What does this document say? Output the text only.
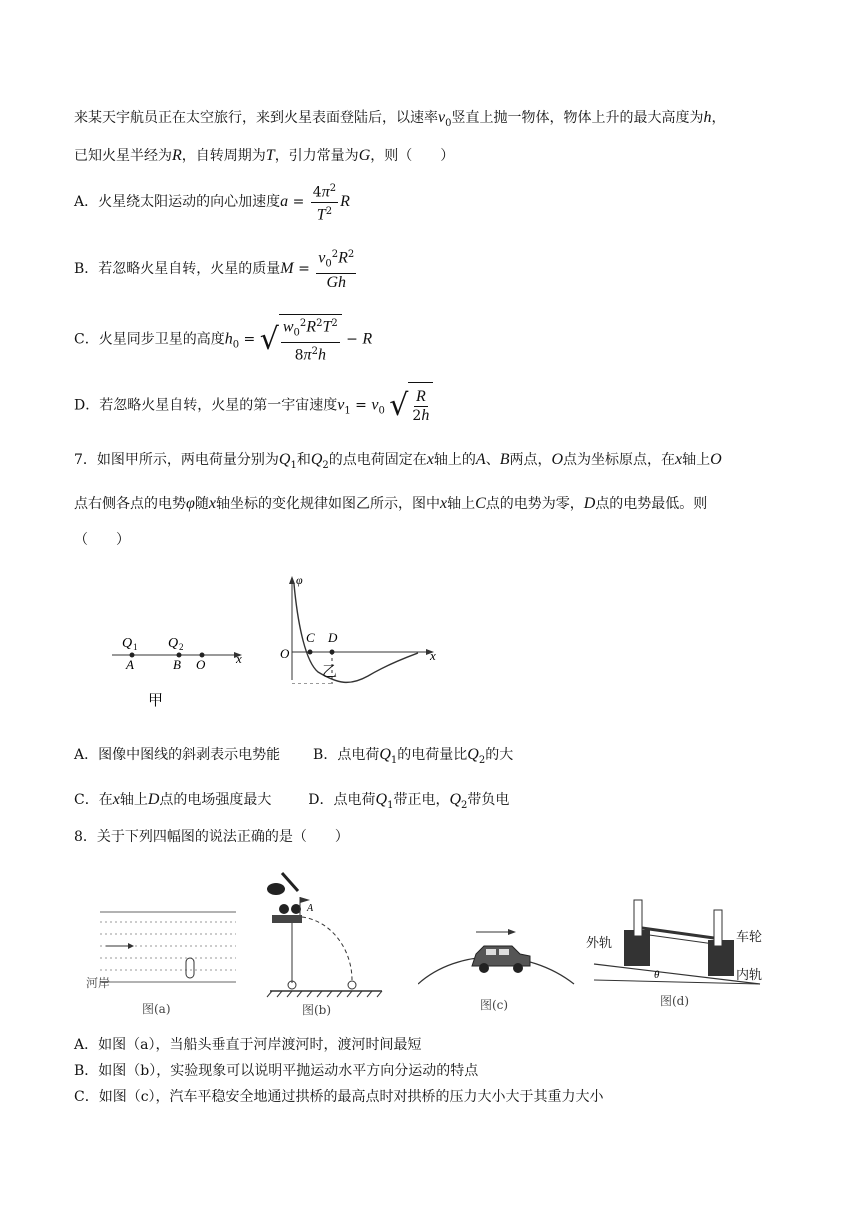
来某天宇航员正在太空旅行，来到火星表面登陆后，以速率$v_0$竖直上抛一物体，物体上升的最大高度为h，
已知火星半经为R，自转周期为T，引力常量为G，则（　　）
A．火星绕太阳运动的向心加速度$a = \frac{4\pi^2}{T^2}$ R
B．若忽略火星自转，火星的质量$M = \frac{v_0^2R^2}{Gh}$
C．火星同步卫星的高度$h_0$ = √ $\frac{w_0^2R^2T^2}{8\pi^2h} - R$
D．若忽略火星自转，火星的第一宇宙速度$v_1 = v_0$ √ $\frac{R}{2h}$
7．如图甲所示，两电荷量分别为$Q_1$和$Q_2$的点电荷固定在x轴上的A、B两点，O点为坐标原点，在x轴上O
点右侧各点的电势φ随x轴坐标的变化规律如图乙所示，图中x轴上C点的电势为零，D点的电势最低。则
（　　）
Q 1 Q 2
A	B O x
甲
φ
O
C D
x
乙
A．图像中图线的斜剥表示电势能 B．点电荷$Q_1$的电荷量比$Q_2$的大
C．在x轴上D点的电场强度最大	D．点电荷$Q_1$带正电，$Q_2$带负电
8．关于下列四幅图的说法正确的是（　　）
河岸
图(a)
A
图(b)	图(c)
θ
外轨
内轨
车轮
图(d)
A．如图（a），当船头垂直于河岸渡河时，渡河时间最短
B．如图（b），实验现象可以说明平抛运动水平方向分运动的特点
C．如图（c），汽车平稳安全地通过拱桥的最高点时对拱桥的压力大小大于其重力大小
